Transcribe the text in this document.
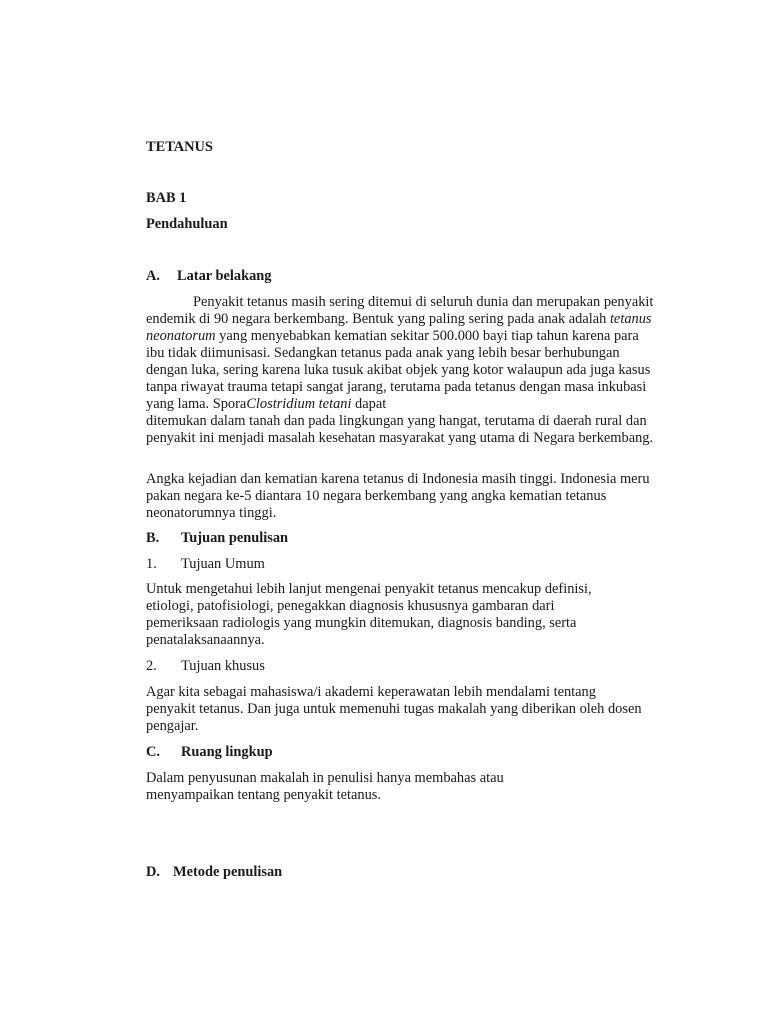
TETANUS
BAB 1
Pendahuluan
A. Latar belakang

Penyakit tetanus masih sering ditemui di seluruh dunia dan merupakan penyakit endemik di 90 negara berkembang. Bentuk yang paling sering pada anak adalah tetanus neonatorum yang menyebabkan kematian sekitar 500.000 bayi tiap tahun karena para ibu tidak diimunisasi. Sedangkan tetanus pada anak yang lebih besar berhubungan dengan luka, sering karena luka tusuk akibat objek yang kotor walaupun ada juga kasus tanpa riwayat trauma tetapi sangat jarang, terutama pada tetanus dengan masa inkubasi yang lama. SporaClostridium tetani dapat

ditemukan dalam tanah dan pada lingkungan yang hangat, terutama di daerah rural dan penyakit ini menjadi masalah kesehatan masyarakat yang utama di Negara berkembang.

Angka kejadian dan kematian karena tetanus di Indonesia masih tinggi. Indonesia meru pakan negara ke-5 diantara 10 negara berkembang yang angka kematian tetanus neonatorumnya tinggi.
B. Tujuan penulisan
1. Tujuan Umum
Untuk mengetahui lebih lanjut mengenai penyakit tetanus mencakup definisi, etiologi, patofisiologi, penegakkan diagnosis khususnya gambaran dari pemeriksaan radiologis yang mungkin ditemukan, diagnosis banding, serta penatalaksanaannya.
2. Tujuan khusus
Agar kita sebagai mahasiswa/i akademi keperawatan lebih mendalami tentang penyakit tetanus. Dan juga untuk memenuhi tugas makalah yang diberikan oleh dosen pengajar.
C. Ruang lingkup
Dalam penyusunan makalah in penulisi hanya membahas atau menyampaikan tentang penyakit tetanus.
D. Metode penulisan
